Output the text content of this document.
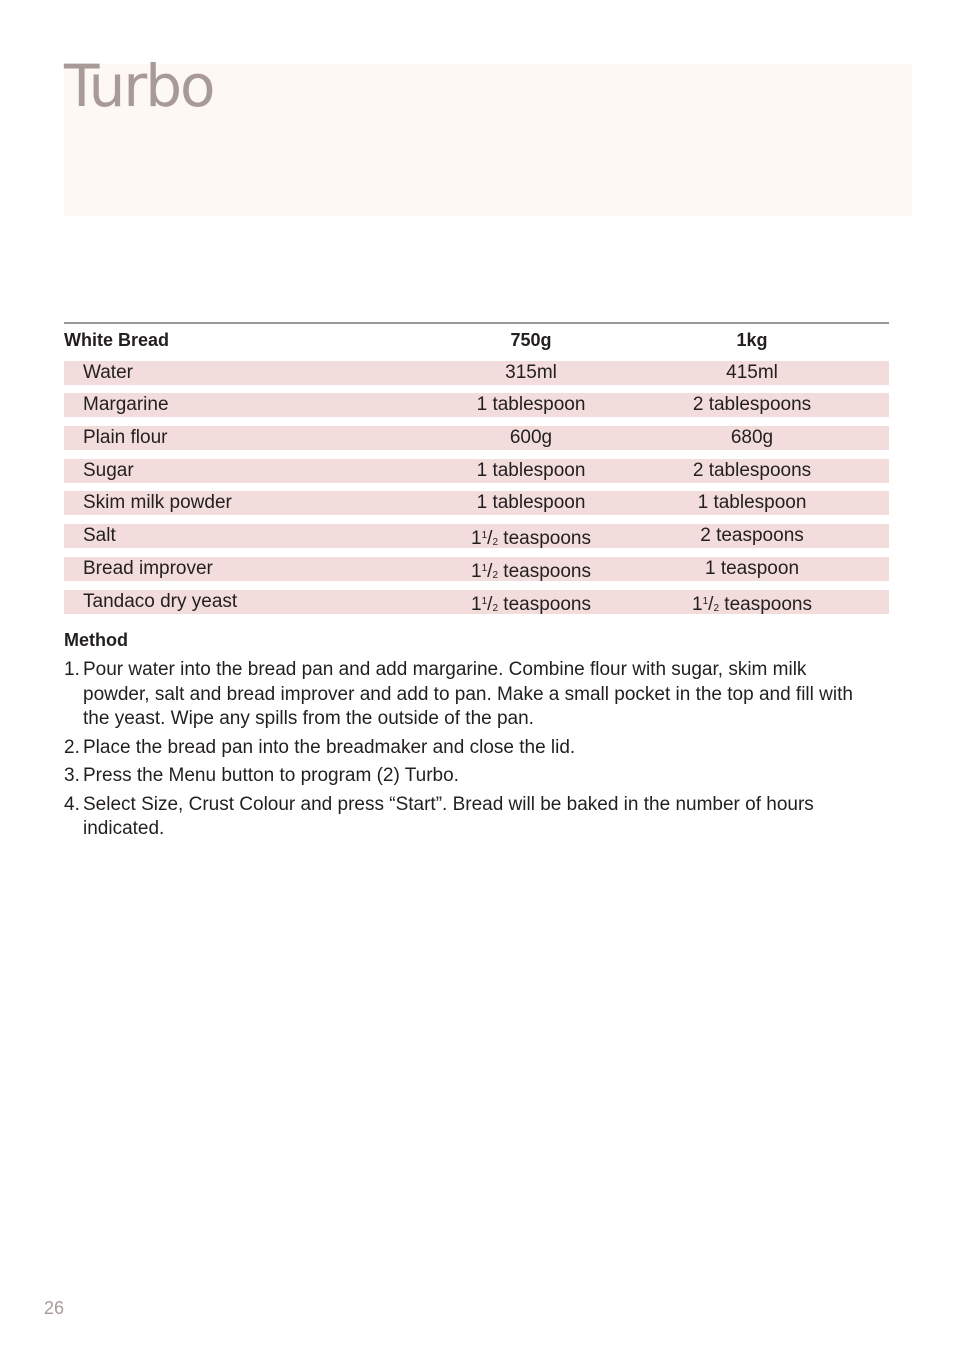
Turbo
White Bread	750g	1kg
Water	315ml	415ml
Margarine	1 tablespoon	2 tablespoons
Plain flour	600g	680g
Sugar	1 tablespoon	2 tablespoons
Skim milk powder	1 tablespoon	1 tablespoon
Salt	$1^1/_2$ teaspoons	2 teaspoons
Bread improver	$1^1/_2$ teaspoons	1 teaspoon
Tandaco dry yeast	$1^1/_2$ teaspoons	$1^1/_2$ teaspoons
Method
1. Pour water into the bread pan and add margarine. Combine flour with sugar, skim milk powder, salt and bread improver and add to pan. Make a small pocket in the top and fill with the yeast. Wipe any spills from the outside of the pan.
2. Place the bread pan into the breadmaker and close the lid.
3. Press the Menu button to program (2) Turbo.
4. Select Size, Crust Colour and press “Start”. Bread will be baked in the number of hours indicated.
26
